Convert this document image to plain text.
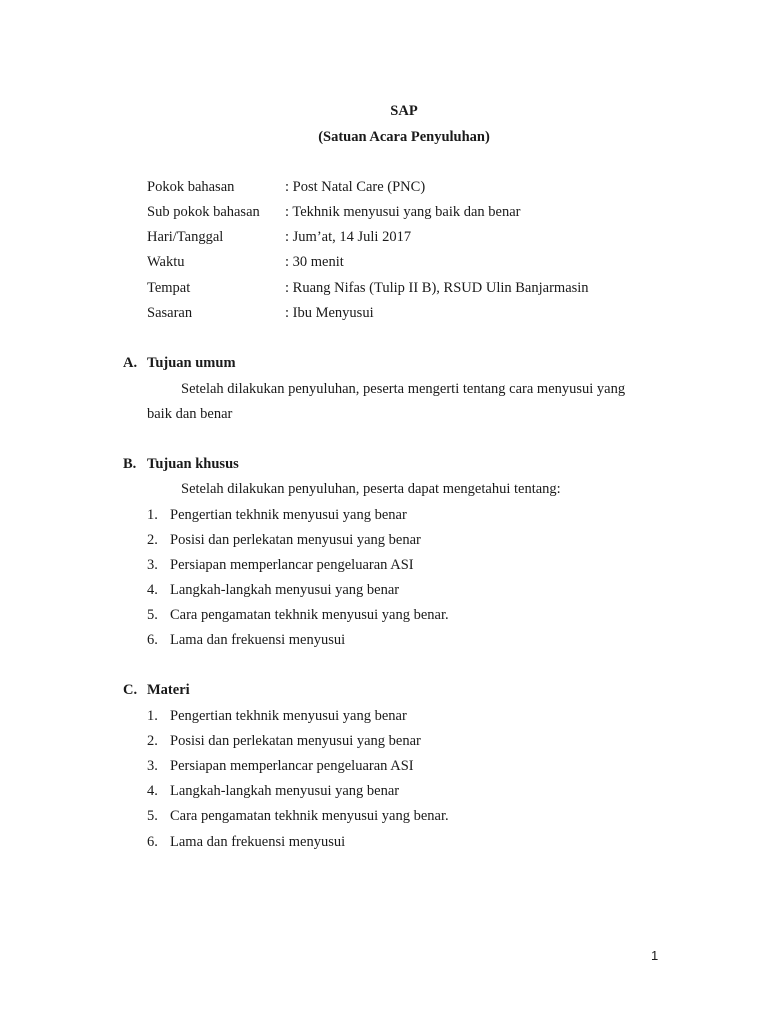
SAP
(Satuan Acara Penyuluhan)
Pokok bahasan	: Post Natal Care (PNC)
Sub pokok bahasan : Tekhnik menyusui yang baik dan benar
Hari/Tanggal	: Jum’at, 14 Juli 2017
Waktu	: 30 menit
Tempat	: Ruang Nifas (Tulip II B), RSUD Ulin Banjarmasin
Sasaran	: Ibu Menyusui
A. Tujuan umum
Setelah dilakukan penyuluhan, peserta mengerti tentang cara menyusui yang
baik dan benar
B. Tujuan khusus
Setelah dilakukan penyuluhan, peserta dapat mengetahui tentang:
1. Pengertian tekhnik menyusui yang benar
2. Posisi dan perlekatan menyusui yang benar
3. Persiapan memperlancar pengeluaran ASI
4. Langkah-langkah menyusui yang benar
5. Cara pengamatan tekhnik menyusui yang benar.
6. Lama dan frekuensi menyusui
C. Materi
1. Pengertian tekhnik menyusui yang benar
2. Posisi dan perlekatan menyusui yang benar
3. Persiapan memperlancar pengeluaran ASI
4. Langkah-langkah menyusui yang benar
5. Cara pengamatan tekhnik menyusui yang benar.
6. Lama dan frekuensi menyusui
1
